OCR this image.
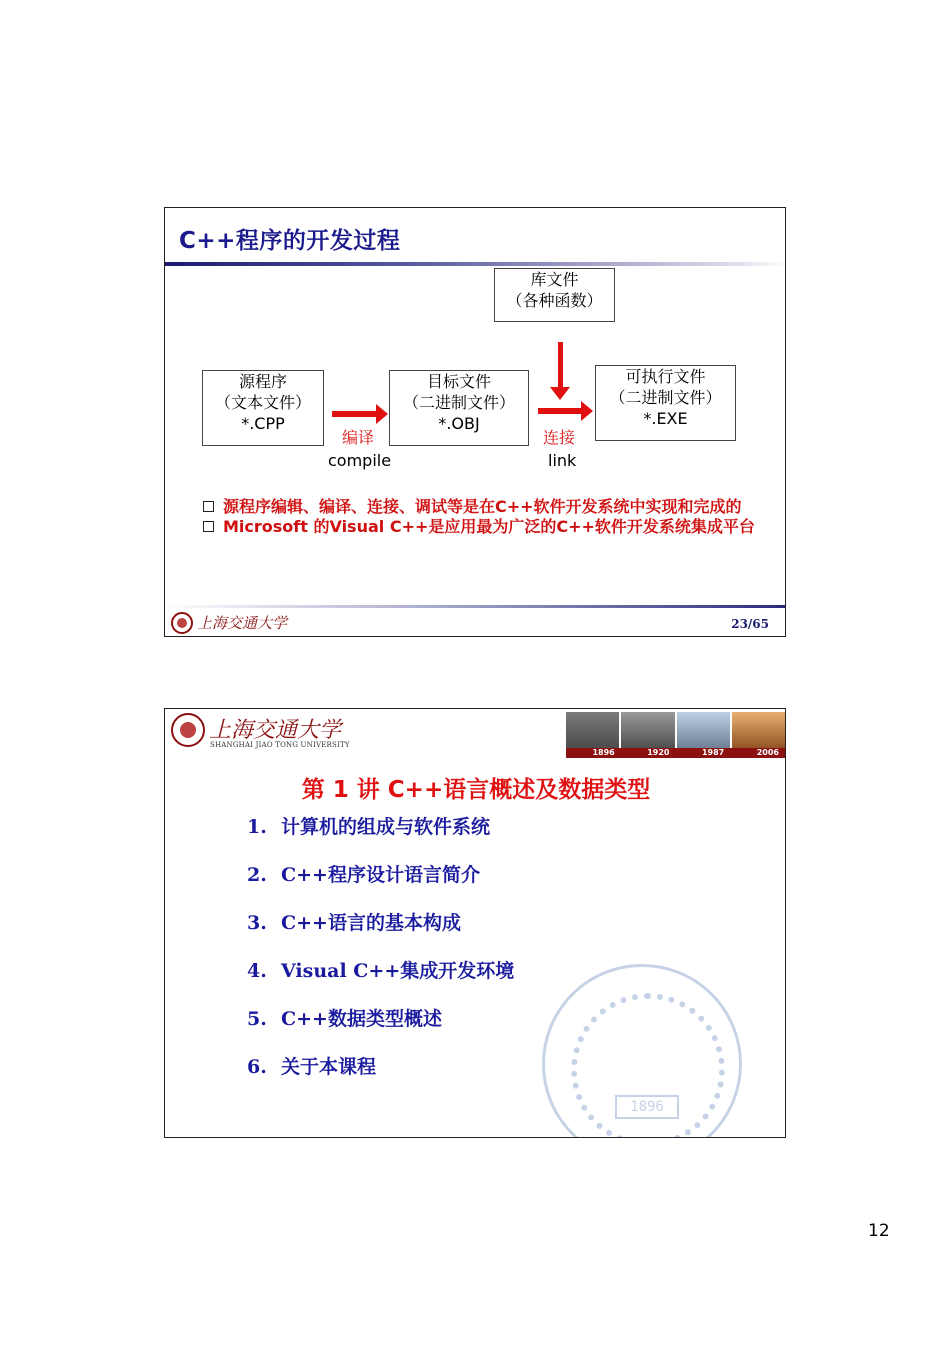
C++程序的开发过程
库文件
（各种函数）
源程序
（文本文件）
*.CPP
编译
compile
目标文件
（二进制文件）
*.OBJ
连接
link
可执行文件
（二进制文件）
*.EXE
源程序编辑、编译、连接、调试等是在C++软件开发系统中实现和完成的
Microsoft 的Visual C++是应用最为广泛的C++软件开发系统集成平台
上海交通大学	23/65
上海交通大学
SHANGHAI JIAO TONG UNIVERSITY
1896	1920	1987	2006
1896
第 1 讲 C++语言概述及数据类型
1. 计算机的组成与软件系统
2. C++程序设计语言简介
3. C++语言的基本构成
4. Visual C++集成开发环境
5. C++数据类型概述
6. 关于本课程
12
